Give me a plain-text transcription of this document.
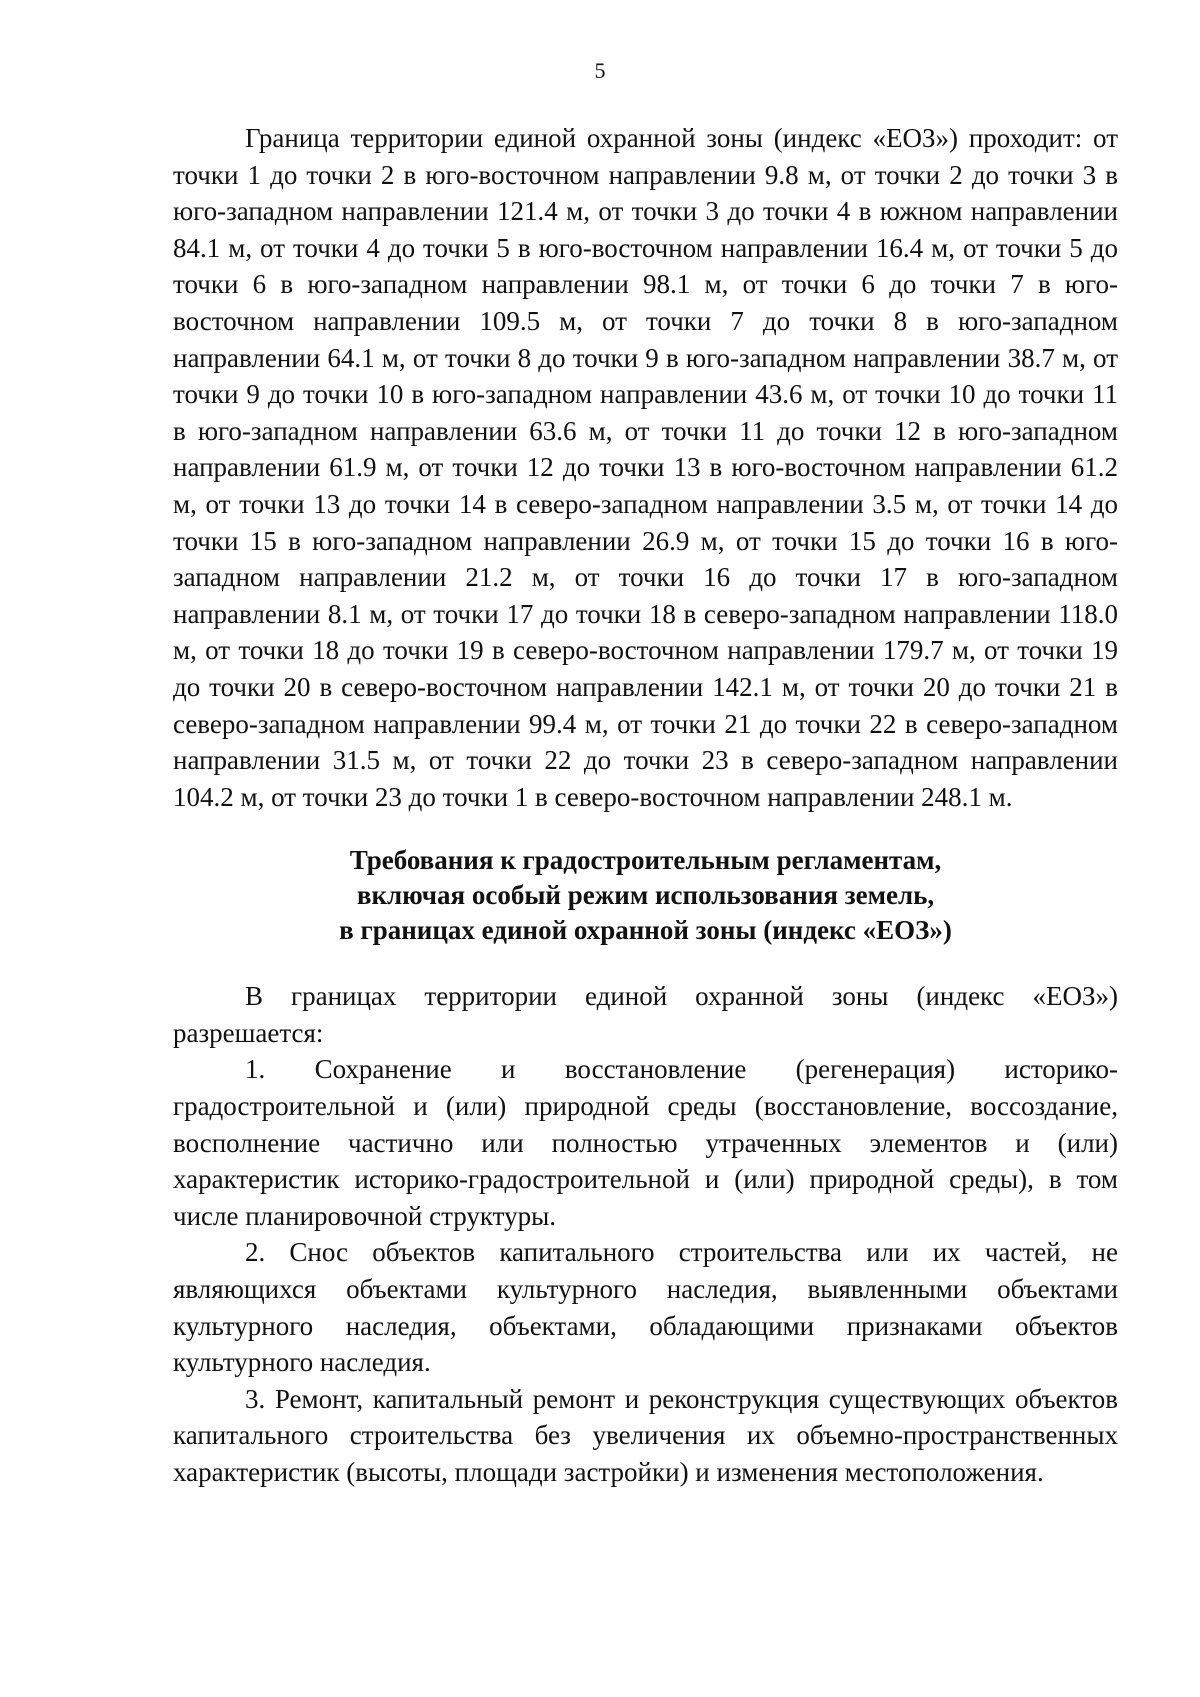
5

Граница территории единой охранной зоны (индекс «ЕОЗ») проходит: от точки 1 до точки 2 в юго-восточном направлении 9.8 м, от точки 2 до точки 3 в юго-западном направлении 121.4 м, от точки 3 до точки 4 в южном направлении 84.1 м, от точки 4 до точки 5 в юго-восточном направлении 16.4 м, от точки 5 до точки 6 в юго-западном направлении 98.1 м, от точки 6 до точки 7 в юго-восточном направлении 109.5 м, от точки 7 до точки 8 в юго-западном направлении 64.1 м, от точки 8 до точки 9 в юго-западном направлении 38.7 м, от точки 9 до точки 10 в юго-западном направлении 43.6 м, от точки 10 до точки 11 в юго-западном направлении 63.6 м, от точки 11 до точки 12 в юго-западном направлении 61.9 м, от точки 12 до точки 13 в юго-восточном направлении 61.2 м, от точки 13 до точки 14 в северо-западном направлении 3.5 м, от точки 14 до точки 15 в юго-западном направлении 26.9 м, от точки 15 до точки 16 в юго-западном направлении 21.2 м, от точки 16 до точки 17 в юго-западном направлении 8.1 м, от точки 17 до точки 18 в северо-западном направлении 118.0 м, от точки 18 до точки 19 в северо-восточном направлении 179.7 м, от точки 19 до точки 20 в северо-восточном направлении 142.1 м, от точки 20 до точки 21 в северо-западном направлении 99.4 м, от точки 21 до точки 22 в северо-западном направлении 31.5 м, от точки 22 до точки 23 в северо-западном направлении 104.2 м, от точки 23 до точки 1 в северо-восточном направлении 248.1 м.

Требования к градостроительным регламентам,
включая особый режим использования земель,
в границах единой охранной зоны (индекс «ЕОЗ»)

В границах территории единой охранной зоны (индекс «ЕОЗ») разрешается:

1. Сохранение и восстановление (регенерация) историко-градостроительной и (или) природной среды (восстановление, воссоздание, восполнение частично или полностью утраченных элементов и (или) характеристик историко-градостроительной и (или) природной среды), в том числе планировочной структуры.

2. Снос объектов капитального строительства или их частей, не являющихся объектами культурного наследия, выявленными объектами культурного наследия, объектами, обладающими признаками объектов культурного наследия.

3. Ремонт, капитальный ремонт и реконструкция существующих объектов капитального строительства без увеличения их объемно-пространственных характеристик (высоты, площади застройки) и изменения местоположения.
